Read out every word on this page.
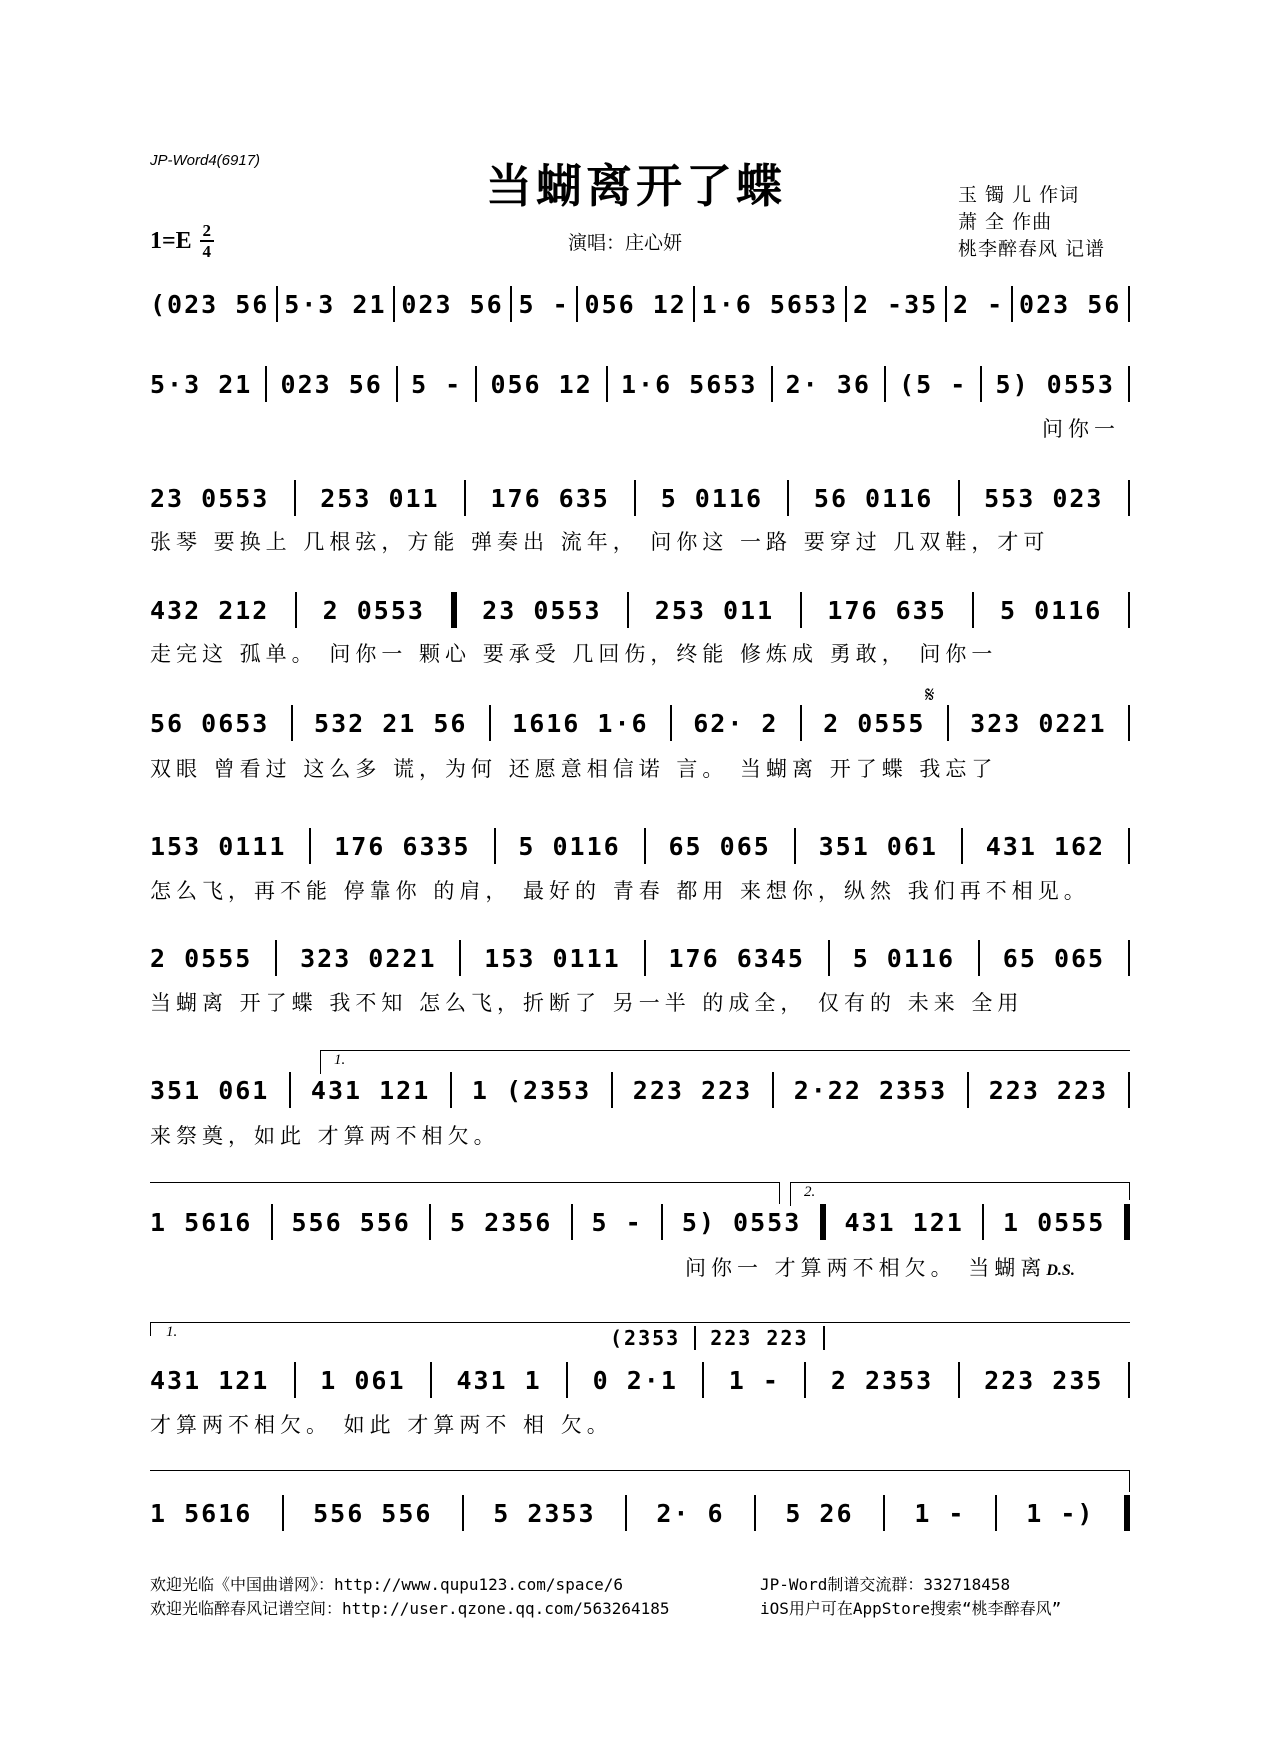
JP-Word4(6917)	当蝴离开了蝶
演唱：庄心妍
玉 镯 儿 作词
萧 全 作曲
桃李醉春风 记谱
1=E 2
4
(023 56 5·3 21 023 56 5 - 056 12 1·6 5653 2 -35 2 - 023 56
5·3 21 023 56 5 - 056 12 1·6 5653 2· 36 (5 - 5) 0553
问你一
23 0553 253 011 176 635 5 0116 56 0116 553 023
张琴 要换上 几根弦，方能 弹奏出 流年， 问你这 一路 要穿过 几双鞋，才可
432 212 2 0553 23 0553 253 011 176 635 5 0116
走完这 孤单。 问你一 颗心 要承受 几回伤，终能 修炼成 勇敢， 问你一
𝄋
56 0653 532 21 56 1616 1·6 62· 2 2 0555 323 0221
双眼 曾看过 这么多 谎，为何 还愿意相信诺 言。 当蝴离 开了蝶 我忘了
153 0111 176 6335 5 0116 65 065 351 061 431 162
怎么飞，再不能 停靠你 的肩， 最好的 青春 都用 来想你，纵然 我们再不相见。
2 0555 323 0221 153 0111 176 6345 5 0116 65 065
当蝴离 开了蝶 我不知 怎么飞，折断了 另一半 的成全， 仅有的 未来 全用
1.
351 061 431 121 1 (2353 223 223 2·22 2353 223 223
来祭奠，如此 才算两不相欠。
2.
1 5616 556 556 5 2356 5 - 5) 0553 431 121 1 0555
问你一 才算两不相欠。 当蝴离D.S.
1.	(2353 223 223
431 121 1 061 431 1 0 2·1 1 - 2 2353 223 235
才算两不相欠。 如此 才算两不 相 欠。
1 5616 556 556 5 2353 2· 6 5 26 1 - 1 -)
欢迎光临《中国曲谱网》：http://www.qupu123.com/space/6
欢迎光临醉春风记谱空间：http://user.qzone.qq.com/563264185
JP-Word制谱交流群：332718458
iOS用户可在AppStore搜索“桃李醉春风”
